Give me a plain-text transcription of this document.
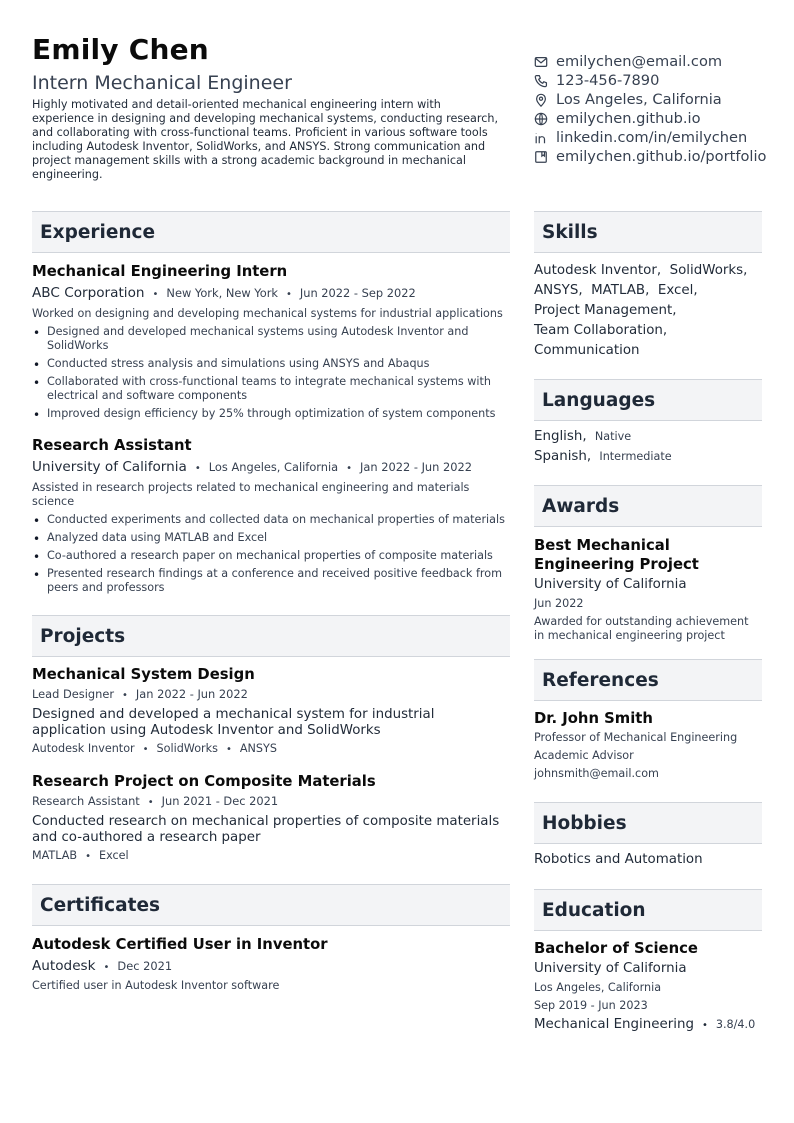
Emily Chen
Intern Mechanical Engineer
Highly motivated and detail-oriented mechanical engineering intern with experience in designing and developing mechanical systems, conducting research, and collaborating with cross-functional teams. Proficient in various software tools including Autodesk Inventor, SolidWorks, and ANSYS. Strong communication and project management skills with a strong academic background in mechanical engineering.
emilychen@email.com
123-456-7890
Los Angeles, California
emilychen.github.io
linkedin.com/in/emilychen
emilychen.github.io/portfolio
Experience
Mechanical Engineering Intern
ABC Corporation • New York, New York • Jun 2022 - Sep 2022
Worked on designing and developing mechanical systems for industrial applications
• Designed and developed mechanical systems using Autodesk Inventor and SolidWorks
• Conducted stress analysis and simulations using ANSYS and Abaqus
• Collaborated with cross-functional teams to integrate mechanical systems with electrical and software components
• Improved design efficiency by 25% through optimization of system components
Research Assistant
University of California • Los Angeles, California • Jan 2022 - Jun 2022
Assisted in research projects related to mechanical engineering and materials science
• Conducted experiments and collected data on mechanical properties of materials
• Analyzed data using MATLAB and Excel
• Co-authored a research paper on mechanical properties of composite materials
• Presented research findings at a conference and received positive feedback from peers and professors
Projects
Mechanical System Design
Lead Designer • Jan 2022 - Jun 2022
Designed and developed a mechanical system for industrial application using Autodesk Inventor and SolidWorks
Autodesk Inventor • SolidWorks • ANSYS
Research Project on Composite Materials
Research Assistant • Jun 2021 - Dec 2021
Conducted research on mechanical properties of composite materials and co-authored a research paper
MATLAB • Excel
Certificates
Autodesk Certified User in Inventor
Autodesk • Dec 2021
Certified user in Autodesk Inventor software
Skills
Autodesk Inventor,  SolidWorks,
ANSYS,  MATLAB,  Excel,
Project Management,
Team Collaboration,
Communication
Languages
English, Native
Spanish, Intermediate
Awards
Best Mechanical Engineering Project
University of California
Jun 2022
Awarded for outstanding achievement in mechanical engineering project
References
Dr. John Smith
Professor of Mechanical Engineering
Academic Advisor
johnsmith@email.com
Hobbies
Robotics and Automation
Education
Bachelor of Science
University of California
Los Angeles, California
Sep 2019 - Jun 2023
Mechanical Engineering • 3.8/4.0
